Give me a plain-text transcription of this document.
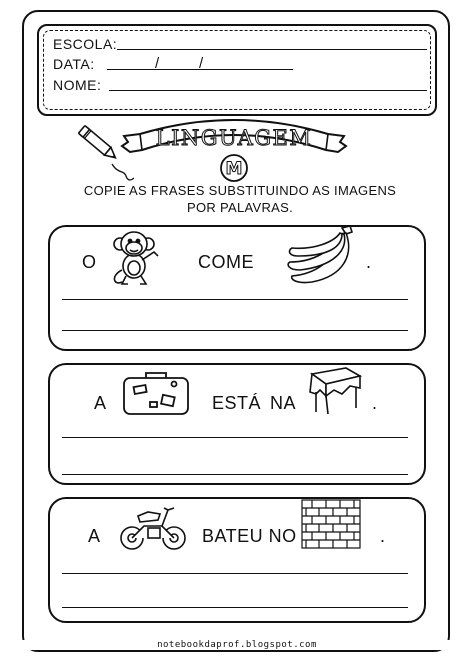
ESCOLA:
DATA:	/	/
NOME:
LINGUAGEM
M
COPIE AS FRASES SUBSTITUINDO AS IMAGENS
POR PALAVRAS.
O	COME	.
A	ESTÁ NA	.
A	BATEU NO	.
notebookdaprof.blogspot.com
